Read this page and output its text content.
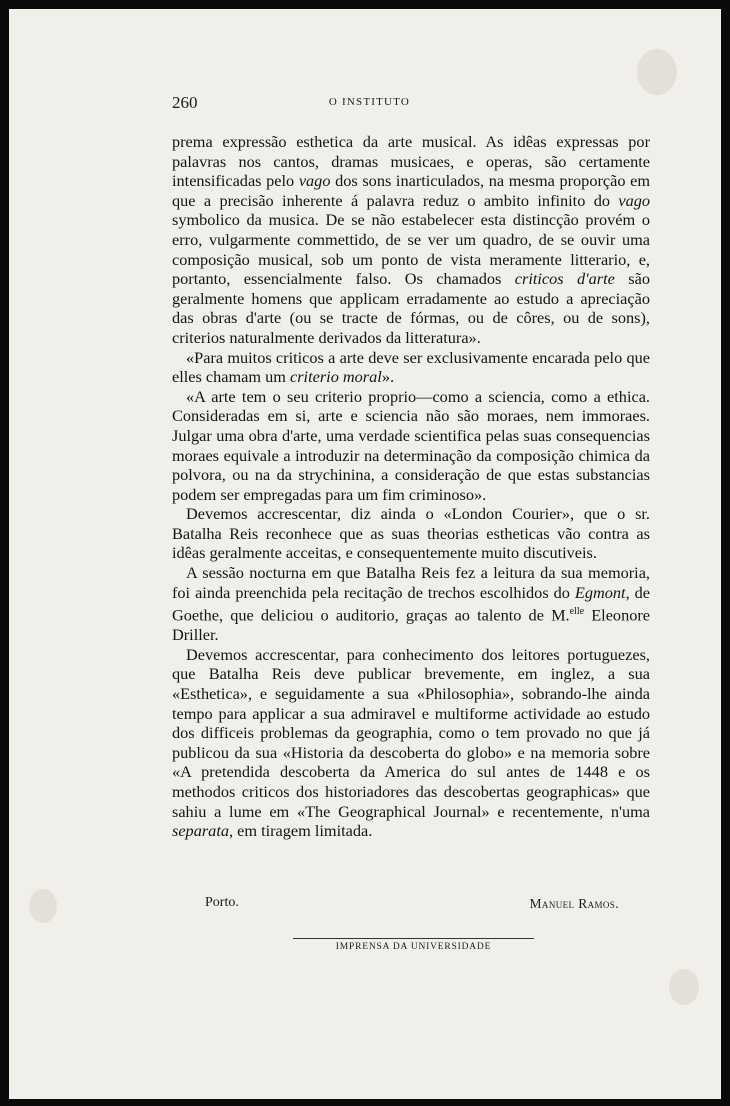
260	O INSTITUTO

prema expressão esthetica da arte musical. As idêas expressas por palavras nos cantos, dramas musicaes, e operas, são certamente intensificadas pelo vago dos sons inarticulados, na mesma proporção em que a precisão inherente á palavra reduz o ambito infinito do vago symbolico da musica. De se não estabelecer esta distincção provém o erro, vulgarmente commettido, de se ver um quadro, de se ouvir uma composição musical, sob um ponto de vista meramente litterario, e, portanto, essencialmente falso. Os chamados criticos d'arte são geralmente homens que applicam erradamente ao estudo a apreciação das obras d'arte (ou se tracte de fórmas, ou de côres, ou de sons), criterios naturalmente derivados da litteratura».

«Para muitos criticos a arte deve ser exclusivamente encarada pelo que elles chamam um criterio moral».

«A arte tem o seu criterio proprio—como a sciencia, como a ethica. Consideradas em si, arte e sciencia não são moraes, nem immoraes. Julgar uma obra d'arte, uma verdade scientifica pelas suas consequencias moraes equivale a introduzir na determinação da composição chimica da polvora, ou na da strychinina, a consideração de que estas substancias podem ser empregadas para um fim criminoso».

Devemos accrescentar, diz ainda o «London Courier», que o sr. Batalha Reis reconhece que as suas theorias estheticas vão contra as idêas geralmente acceitas, e consequentemente muito discutiveis.

A sessão nocturna em que Batalha Reis fez a leitura da sua memoria, foi ainda preenchida pela recitação de trechos escolhidos do Egmont, de Goethe, que deliciou o auditorio, graças ao talento de M.$^{elle}$ Eleonore Driller.

Devemos accrescentar, para conhecimento dos leitores portuguezes, que Batalha Reis deve publicar brevemente, em inglez, a sua «Esthetica», e seguidamente a sua «Philosophia», sobrando-lhe ainda tempo para applicar a sua admiravel e multiforme actividade ao estudo dos difficeis problemas da geographia, como o tem provado no que já publicou da sua «Historia da descoberta do globo» e na memoria sobre «A pretendida descoberta da America do sul antes de 1448 e os methodos criticos dos historiadores das descobertas geographicas» que sahiu a lume em «The Geographical Journal» e recentemente, n'uma separata, em tiragem limitada.

Porto.	Manuel Ramos.
IMPRENSA DA UNIVERSIDADE
